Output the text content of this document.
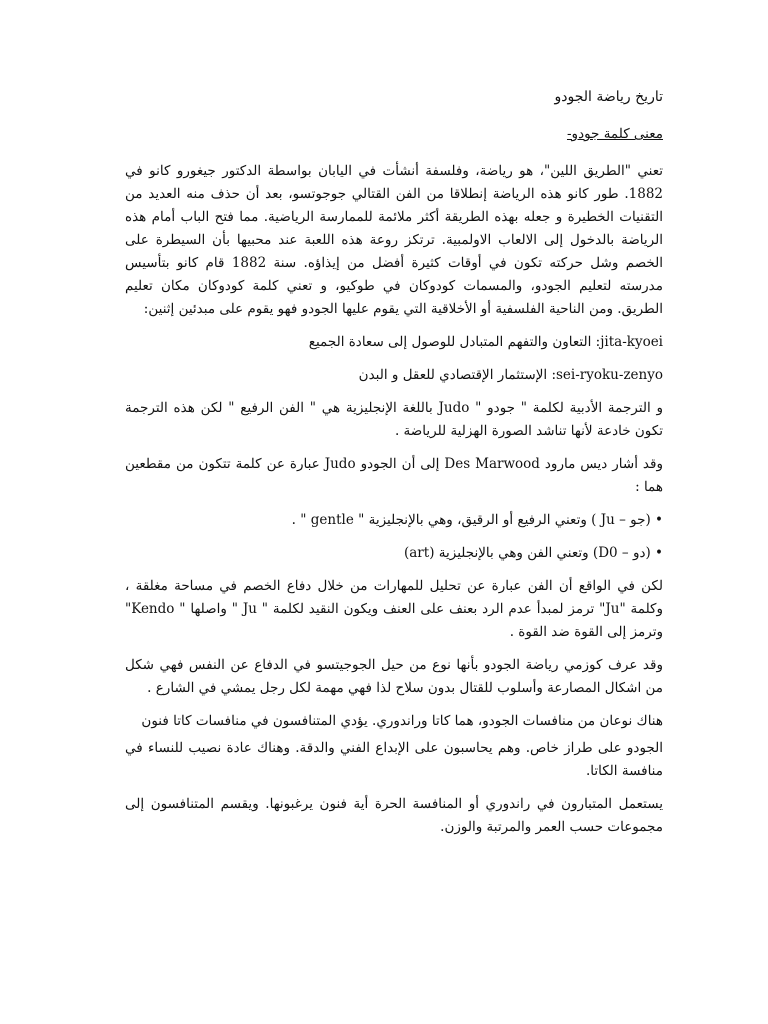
تاريخ رياضة الجودو

معنى كلمة جودو-

تعني "الطريق اللين"، هو رياضة، وفلسفة أنشأت في اليابان بواسطة الدكتور جيغورو كانو في 1882. طور كانو هذه الرياضة إنطلاقا من الفن القتالي جوجوتسو، بعد أن حذف منه العديد من التقنيات الخطيرة و جعله بهذه الطريقة أكثر ملائمة للممارسة الرياضية. مما فتح الباب أمام هذه الرياضة بالدخول إلى الالعاب الاولمبية. ترتكز روعة هذه اللعبة عند محبيها بأن السيطرة على الخصم وشل حركته تكون في أوقات كثيرة أفضل من إيذاؤه. سنة 1882 قام كانو بتأسيس مدرسته لتعليم الجودو، والمسمات كودوكان في طوكيو، و تعني كلمة كودوكان مكان تعليم الطريق. ومن الناحية الفلسفية أو الأخلاقية التي يقوم عليها الجودو فهو يقوم على مبدئين إثنين:

jita-kyoei: التعاون والتفهم المتبادل للوصول إلى سعادة الجميع

sei-ryoku-zenyo: الإستثمار الإقتصادي للعقل و البدن

و الترجمة الأدبية لكلمة " جودو " Judo باللغة الإنجليزية هي " الفن الرفيع " لكن هذه الترجمة تكون خادعة لأنها تناشد الصورة الهزلية للرياضة .

وقد أشار ديس مارود Des Marwood إلى أن الجودو Judo عبارة عن كلمة تتكون من مقطعين هما :

• (جو – Ju ) وتعني الرفيع أو الرقيق، وهي بالإنجليزية " gentle " .

• (دو – D0) وتعني الفن وهي بالإنجليزية (art)

لكن في الواقع أن الفن عبارة عن تحليل للمهارات من خلال دفاع الخصم في مساحة مغلقة ، وكلمة "Ju" ترمز لمبدأ عدم الرد بعنف على العنف ويكون النقيد لكلمة " Ju " واصلها " Kendo" وترمز إلى القوة ضد القوة .

وقد عرف كوزمي رياضة الجودو بأنها نوع من حيل الجوجيتسو في الدفاع عن النفس فهي شكل من اشكال المصارعة وأسلوب للقتال بدون سلاح لذا فهي مهمة لكل رجل يمشي في الشارع .

هناك نوعان من منافسات الجودو، هما كاتا وراندوري. يؤدي المتنافسون في منافسات كاتا فنون

الجودو على طراز خاص. وهم يحاسبون على الإبداع الفني والدقة. وهناك عادة نصيب للنساء في منافسة الكاتا.

يستعمل المتبارون في راندوري أو المنافسة الحرة أية فنون يرغبونها. ويقسم المتنافسون إلى مجموعات حسب العمر والمرتبة والوزن.
